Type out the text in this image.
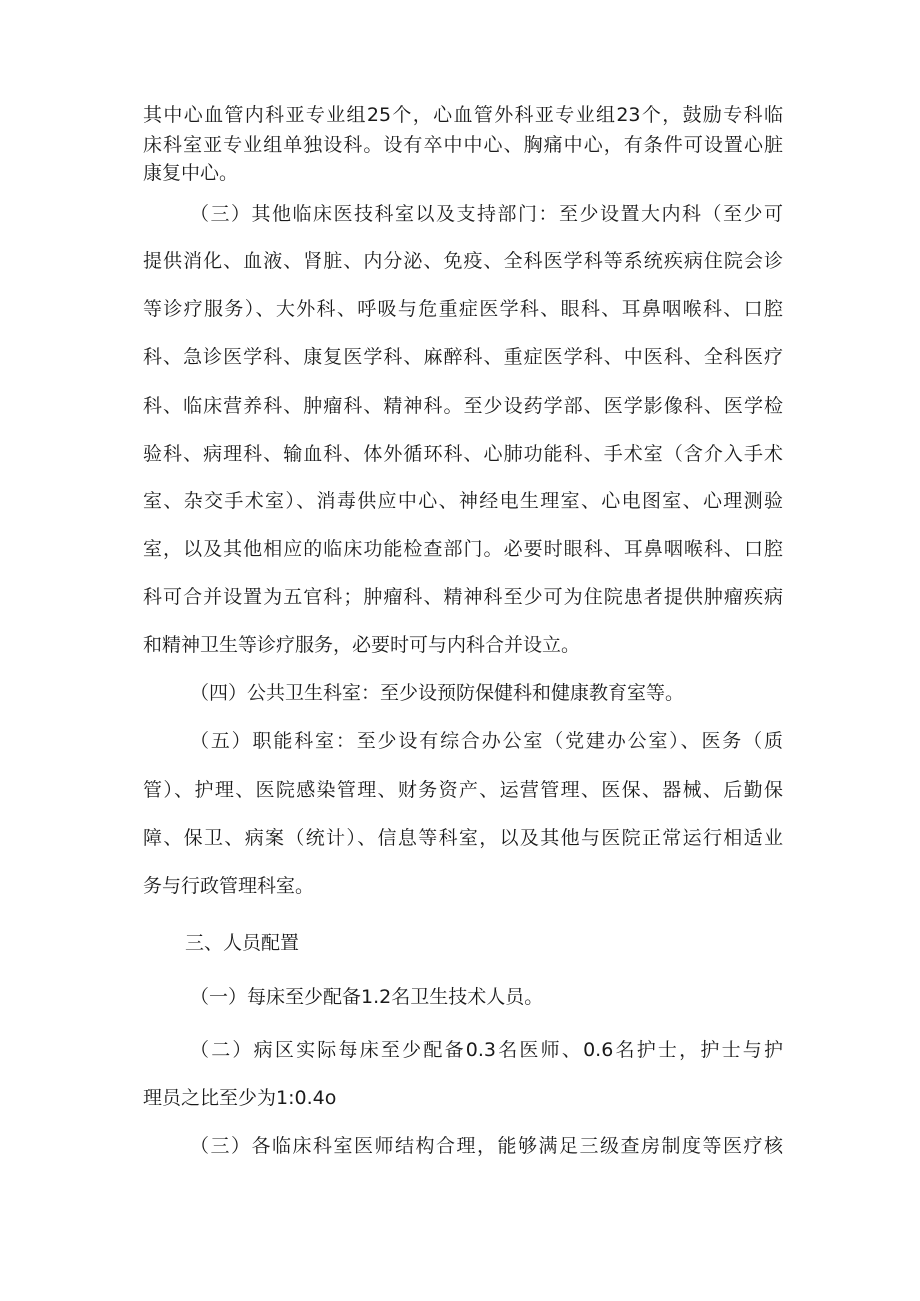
其中心血管内科亚专业组25个，心血管外科亚专业组23个，鼓励专科临

床科室亚专业组单独设科。设有卒中中心、胸痛中心，有条件可设置心脏

康复中心。

（三）其他临床医技科室以及支持部门：至少设置大内科（至少可

提供消化、血液、肾脏、内分泌、免疫、全科医学科等系统疾病住院会诊

等诊疗服务）、大外科、呼吸与危重症医学科、眼科、耳鼻咽喉科、口腔

科、急诊医学科、康复医学科、麻醉科、重症医学科、中医科、全科医疗

科、临床营养科、肿瘤科、精神科。至少设药学部、医学影像科、医学检

验科、病理科、输血科、体外循环科、心肺功能科、手术室（含介入手术

室、杂交手术室）、消毒供应中心、神经电生理室、心电图室、心理测验

室，以及其他相应的临床功能检查部门。必要时眼科、耳鼻咽喉科、口腔

科可合并设置为五官科；肿瘤科、精神科至少可为住院患者提供肿瘤疾病

和精神卫生等诊疗服务，必要时可与内科合并设立。

（四）公共卫生科室：至少设预防保健科和健康教育室等。

（五）职能科室：至少设有综合办公室（党建办公室）、医务（质

管）、护理、医院感染管理、财务资产、运营管理、医保、器械、后勤保

障、保卫、病案（统计）、信息等科室，以及其他与医院正常运行相适业

务与行政管理科室。

三、人员配置

（一）每床至少配备1.2名卫生技术人员。

（二）病区实际每床至少配备0.3名医师、0.6名护士，护士与护

理员之比至少为1:0.4o

（三）各临床科室医师结构合理，能够满足三级查房制度等医疗核
